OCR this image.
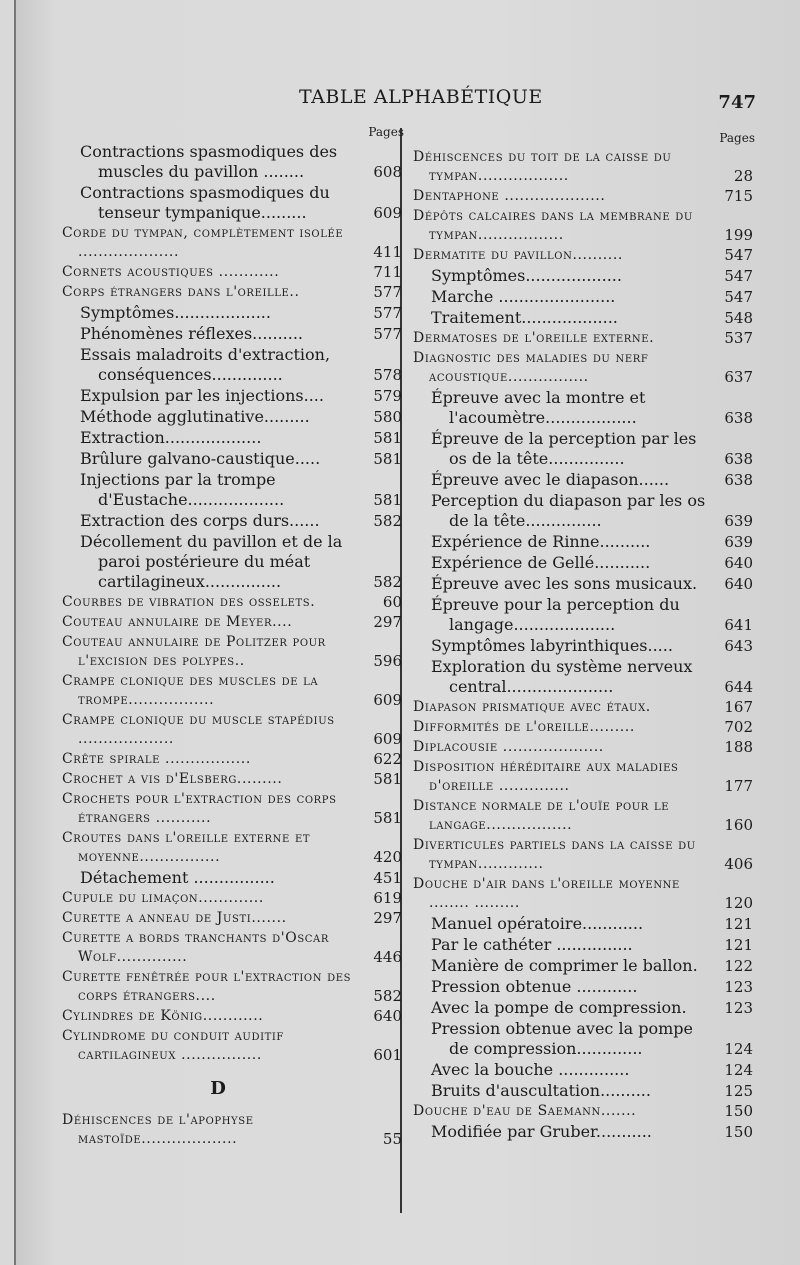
TABLE ALPHABÉTIQUE	747
Pages
Contractions spasmodiques des muscles du pavillon ........	608
Contractions spasmodiques du tenseur tympanique.........	609
Corde du tympan, complètement isolée ....................	411
Cornets acoustiques ............	711
Corps étrangers dans l'oreille..	577
Symptômes...................	577
Phénomènes réflexes..........	577
Essais maladroits d'extraction, conséquences..............	578
Expulsion par les injections....	579
Méthode agglutinative.........	580
Extraction...................	581
Brûlure galvano-caustique.....	581
Injections par la trompe d'Eustache...................	581
Extraction des corps durs......	582
Décollement du pavillon et de la paroi postérieure du méat cartilagineux...............	582
Courbes de vibration des osselets.	60
Couteau annulaire de Meyer....	297
Couteau annulaire de Politzer pour l'excision des polypes..	596
Crampe clonique des muscles de la trompe.................	609
Crampe clonique du muscle stapédius ...................	609
Crête spirale .................	622
Crochet a vis d'Elsberg.........	581
Crochets pour l'extraction des corps étrangers ...........	581
Croutes dans l'oreille externe et moyenne................	420
Détachement ................	451
Cupule du limaçon.............	619
Curette a anneau de Justi.......	297
Curette a bords tranchants d'Oscar Wolf..............	446
Curette fenêtrée pour l'extraction des corps étrangers....	582
Cylindres de König............	640
Cylindrome du conduit auditif cartilagineux ................	601
D
Déhiscences de l'apophyse mastoïde...................	55
Pages
Déhiscences du toit de la caisse du tympan..................	28
Dentaphone ....................	715
Dépôts calcaires dans la membrane du tympan.................	199
Dermatite du pavillon..........	547
Symptômes...................	547
Marche .......................	547
Traitement...................	548
Dermatoses de l'oreille externe.	537
Diagnostic des maladies du nerf acoustique................	637
Épreuve avec la montre et l'acoumètre..................	638
Épreuve de la perception par les os de la tête...............	638
Épreuve avec le diapason......	638
Perception du diapason par les os de la tête...............	639
Expérience de Rinne..........	639
Expérience de Gellé...........	640
Épreuve avec les sons musicaux.	640
Épreuve pour la perception du langage....................	641
Symptômes labyrinthiques.....	643
Exploration du système nerveux central.....................	644
Diapason prismatique avec étaux.	167
Difformités de l'oreille.........	702
Diplacousie ....................	188
Disposition héréditaire aux maladies d'oreille ..............	177
Distance normale de l'ouïe pour le langage.................	160
Diverticules partiels dans la caisse du tympan.............	406
Douche d'air dans l'oreille moyenne ........ .........	120
Manuel opératoire............	121
Par le cathéter ...............	121
Manière de comprimer le ballon.	122
Pression obtenue ............	123
Avec la pompe de compression.	123
Pression obtenue avec la pompe de compression.............	124
Avec la bouche ..............	124
Bruits d'auscultation..........	125
Douche d'eau de Saemann.......	150
Modifiée par Gruber...........	150
